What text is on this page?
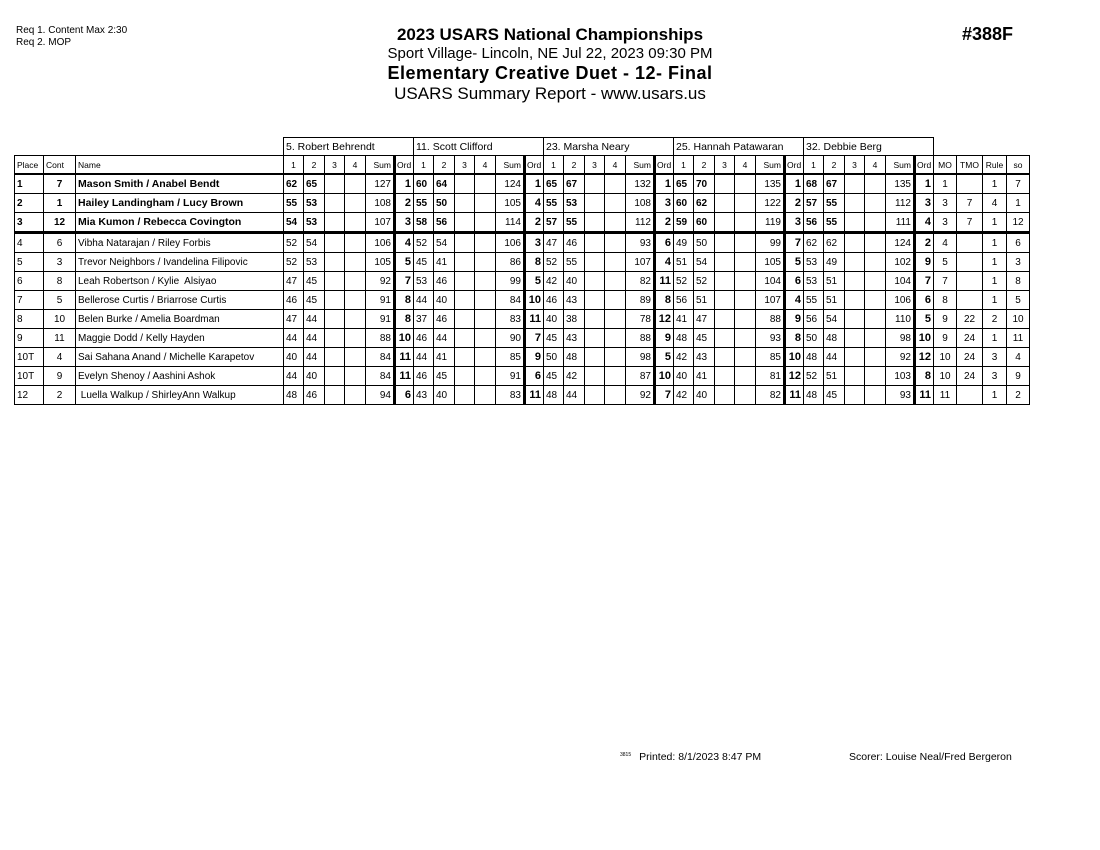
Req 1. Content Max 2:30
Req 2. MOP	2023 USARS National Championships
Sport Village- Lincoln, NE Jul 22, 2023 09:30 PM
Elementary Creative Duet - 12- Final
USARS Summary Report - www.usars.us
#388F
			5. Robert Behrendt						11. Scott Clifford						23. Marsha Neary						25. Hannah Patawaran						32. Debbie Berg									
Place	Cont	Name	1	2	3	4	Sum	Ord	1	2	3	4	Sum	Ord	1	2	3	4	Sum	Ord	1	2	3	4	Sum	Ord	1	2	3	4	Sum	Ord	MO	TMO	Rule	so
1	7	Mason Smith / Anabel Bendt	62	65			127	1	60	64			124	1	65	67			132	1	65	70			135	1	68	67			135	1	1		1	7
2	1	Hailey Landingham / Lucy Brown	55	53			108	2	55	50			105	4	55	53			108	3	60	62			122	2	57	55			112	3	3	7	4	1
3	12	Mia Kumon / Rebecca Covington	54	53			107	3	58	56			114	2	57	55			112	2	59	60			119	3	56	55			111	4	3	7	1	12
4	6	Vibha Natarajan / Riley Forbis	52	54			106	4	52	54			106	3	47	46			93	6	49	50			99	7	62	62			124	2	4		1	6
5	3	Trevor Neighbors / Ivandelina Filipovic	52	53			105	5	45	41			86	8	52	55			107	4	51	54			105	5	53	49			102	9	5		1	3
6	8	Leah Robertson / Kylie  Alsiyao	47	45			92	7	53	46			99	5	42	40			82	11	52	52			104	6	53	51			104	7	7		1	8
7	5	Bellerose Curtis / Briarrose Curtis	46	45			91	8	44	40			84	10	46	43			89	8	56	51			107	4	55	51			106	6	8		1	5
8	10	Belen Burke / Amelia Boardman	47	44			91	8	37	46			83	11	40	38			78	12	41	47			88	9	56	54			110	5	9	22	2	10
9	11	Maggie Dodd / Kelly Hayden	44	44			88	10	46	44			90	7	45	43			88	9	48	45			93	8	50	48			98	10	9	24	1	11
10T	4	Sai Sahana Anand / Michelle Karapetov	40	44			84	11	44	41			85	9	50	48			98	5	42	43			85	10	48	44			92	12	10	24	3	4
10T	9	Evelyn Shenoy / Aashini Ashok	44	40			84	11	46	45			91	6	45	42			87	10	40	41			81	12	52	51			103	8	10	24	3	9
12	2	Luella Walkup / ShirleyAnn Walkup	48	46			94	6	43	40			83	11	48	44			92	7	42	40			82	11	48	45			93	11	11		1	2
$^{3815}$ Printed: 8/1/2023 8:47 PM	Scorer: Louise Neal/Fred Bergeron
